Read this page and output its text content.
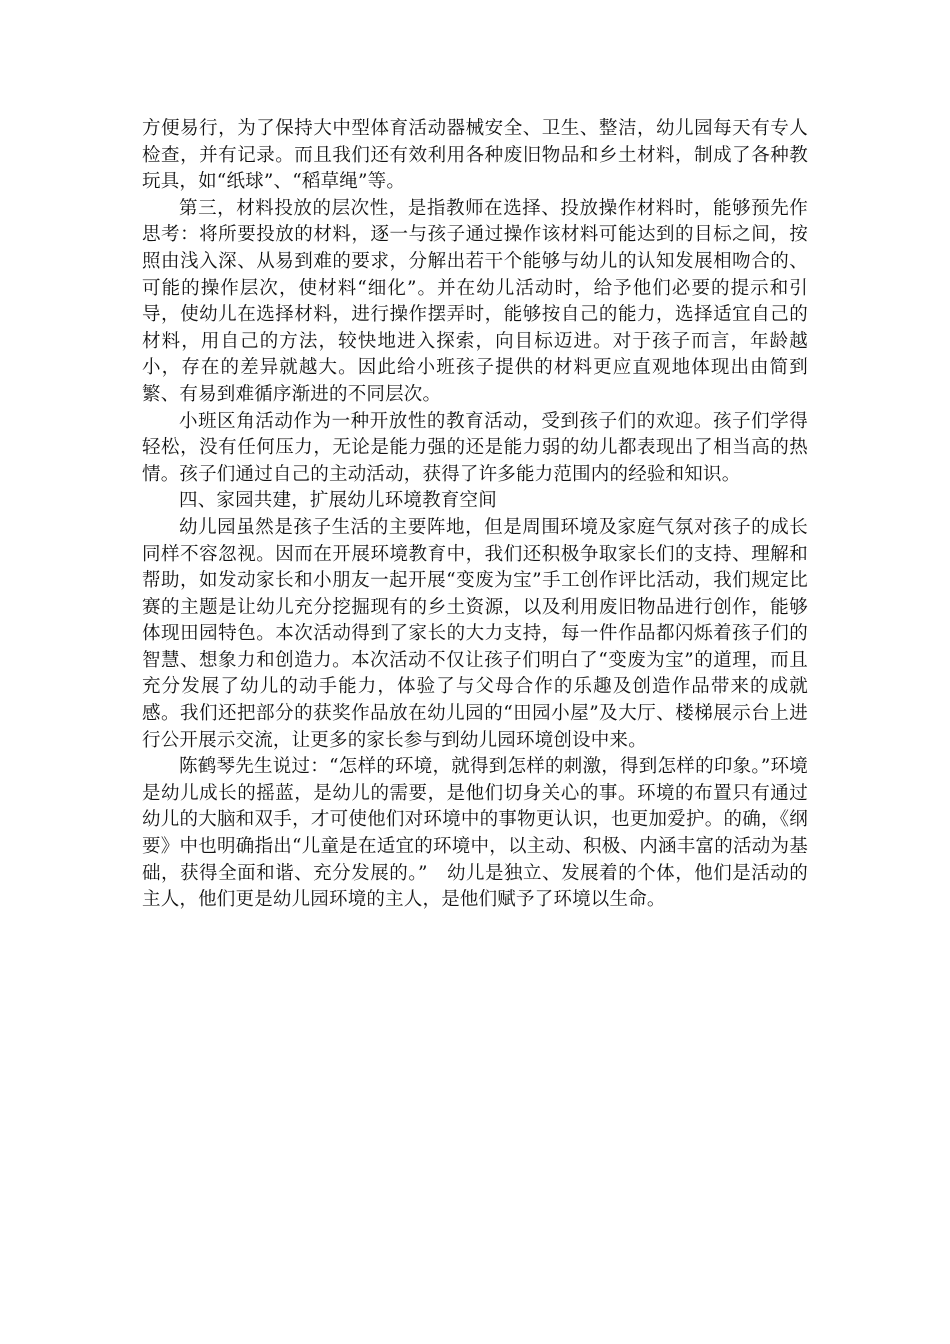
方便易行，为了保持大中型体育活动器械安全、卫生、整洁，幼儿园每天有专人检查，并有记录。而且我们还有效利用各种废旧物品和乡土材料，制成了各种教玩具，如“纸球”、“稻草绳”等。

第三，材料投放的层次性，是指教师在选择、投放操作材料时，能够预先作思考：将所要投放的材料，逐一与孩子通过操作该材料可能达到的目标之间，按照由浅入深、从易到难的要求，分解出若干个能够与幼儿的认知发展相吻合的、可能的操作层次，使材料“细化”。并在幼儿活动时，给予他们必要的提示和引导，使幼儿在选择材料，进行操作摆弄时，能够按自己的能力，选择适宜自己的材料，用自己的方法，较快地进入探索，向目标迈进。对于孩子而言，年龄越小，存在的差异就越大。因此给小班孩子提供的材料更应直观地体现出由简到繁、有易到难循序渐进的不同层次。

小班区角活动作为一种开放性的教育活动，受到孩子们的欢迎。孩子们学得轻松，没有任何压力，无论是能力强的还是能力弱的幼儿都表现出了相当高的热情。孩子们通过自己的主动活动，获得了许多能力范围内的经验和知识。

四、家园共建，扩展幼儿环境教育空间

幼儿园虽然是孩子生活的主要阵地，但是周围环境及家庭气氛对孩子的成长同样不容忽视。因而在开展环境教育中，我们还积极争取家长们的支持、理解和帮助，如发动家长和小朋友一起开展“变废为宝”手工创作评比活动，我们规定比赛的主题是让幼儿充分挖掘现有的乡土资源，以及利用废旧物品进行创作，能够体现田园特色。本次活动得到了家长的大力支持，每一件作品都闪烁着孩子们的智慧、想象力和创造力。本次活动不仅让孩子们明白了“变废为宝”的道理，而且充分发展了幼儿的动手能力，体验了与父母合作的乐趣及创造作品带来的成就感。我们还把部分的获奖作品放在幼儿园的“田园小屋”及大厅、楼梯展示台上进行公开展示交流，让更多的家长参与到幼儿园环境创设中来。

陈鹤琴先生说过：“怎样的环境，就得到怎样的刺激，得到怎样的印象。”环境是幼儿成长的摇蓝，是幼儿的需要，是他们切身关心的事。环境的布置只有通过幼儿的大脑和双手，才可使他们对环境中的事物更认识，也更加爱护。的确，《纲要》中也明确指出“儿童是在适宜的环境中，以主动、积极、内涵丰富的活动为基础，获得全面和谐、充分发展的。”　幼儿是独立、发展着的个体，他们是活动的主人，他们更是幼儿园环境的主人，是他们赋予了环境以生命。
